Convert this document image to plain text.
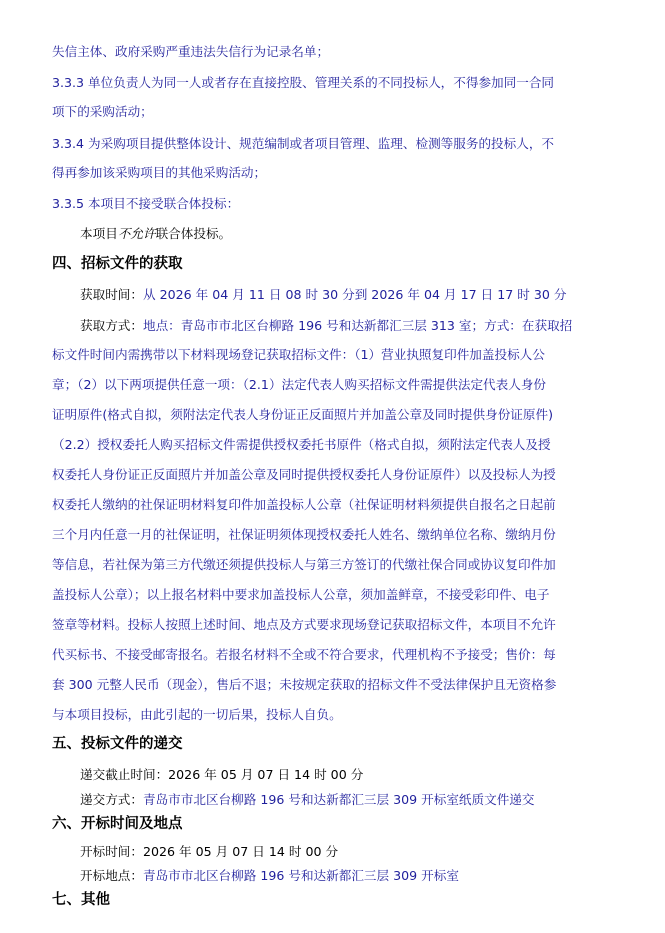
失信主体、政府采购严重违法失信行为记录名单；
3.3.3 单位负责人为同一人或者存在直接控股、管理关系的不同投标人，不得参加同一合同
项下的采购活动；
3.3.4 为采购项目提供整体设计、规范编制或者项目管理、监理、检测等服务的投标人，不
得再参加该采购项目的其他采购活动；
3.3.5 本项目不接受联合体投标：
本项目不允许联合体投标。
四、招标文件的获取
获取时间：从 2026 年 04 月 11 日 08 时 30 分到 2026 年 04 月 17 日 17 时 30 分
获取方式：地点：青岛市市北区台柳路 196 号和达新都汇三层 313 室；方式：在获取招
标文件时间内需携带以下材料现场登记获取招标文件：（1）营业执照复印件加盖投标人公
章；（2）以下两项提供任意一项：（2.1）法定代表人购买招标文件需提供法定代表人身份
证明原件(格式自拟，须附法定代表人身份证正反面照片并加盖公章及同时提供身份证原件)
（2.2）授权委托人购买招标文件需提供授权委托书原件（格式自拟，须附法定代表人及授
权委托人身份证正反面照片并加盖公章及同时提供授权委托人身份证原件）以及投标人为授
权委托人缴纳的社保证明材料复印件加盖投标人公章（社保证明材料须提供自报名之日起前
三个月内任意一月的社保证明，社保证明须体现授权委托人姓名、缴纳单位名称、缴纳月份
等信息，若社保为第三方代缴还须提供投标人与第三方签订的代缴社保合同或协议复印件加
盖投标人公章）；以上报名材料中要求加盖投标人公章，须加盖鲜章，不接受彩印件、电子
签章等材料。投标人按照上述时间、地点及方式要求现场登记获取招标文件，本项目不允许
代买标书、不接受邮寄报名。若报名材料不全或不符合要求，代理机构不予接受；售价：每
套 300 元整人民币（现金），售后不退；未按规定获取的招标文件不受法律保护且无资格参
与本项目投标，由此引起的一切后果，投标人自负。
五、投标文件的递交
递交截止时间：2026 年 05 月 07 日 14 时 00 分
递交方式：青岛市市北区台柳路 196 号和达新都汇三层 309 开标室纸质文件递交
六、开标时间及地点
开标时间：2026 年 05 月 07 日 14 时 00 分
开标地点：青岛市市北区台柳路 196 号和达新都汇三层 309 开标室
七、其他
